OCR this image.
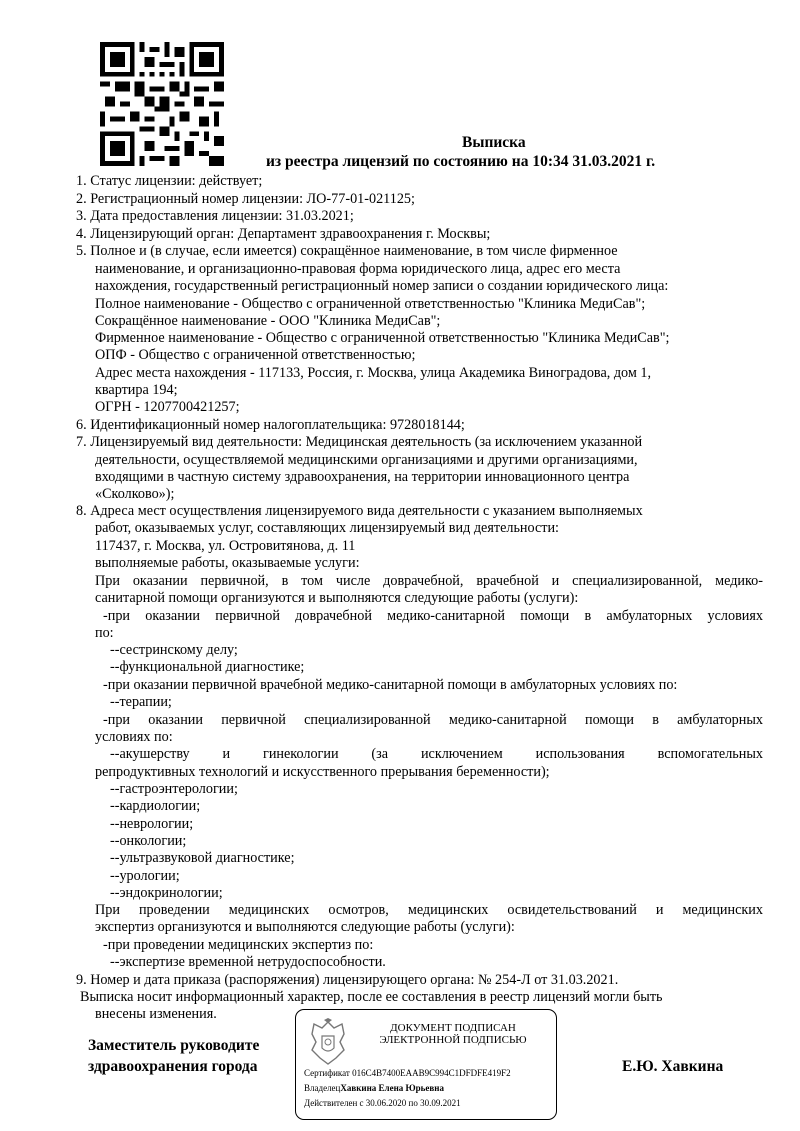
Выписка
из реестра лицензий по состоянию на 10:34 31.03.2021 г.
1. Статус лицензии: действует;
2. Регистрационный номер лицензии: ЛО-77-01-021125;
3. Дата предоставления лицензии: 31.03.2021;
4. Лицензирующий орган: Департамент здравоохранения г. Москвы;
5. Полное и (в случае, если имеется) сокращённое наименование, в том числе фирменное
наименование, и организационно-правовая форма юридического лица, адрес его места
нахождения, государственный регистрационный номер записи о создании юридического лица:
Полное наименование - Общество с ограниченной ответственностью "Клиника МедиСав";
Сокращённое наименование - ООО "Клиника МедиСав";
Фирменное наименование - Общество с ограниченной ответственностью "Клиника МедиСав";
ОПФ - Общество с ограниченной ответственностью;
Адрес места нахождения - 117133, Россия, г. Москва, улица Академика Виноградова, дом 1,
квартира 194;
ОГРН - 1207700421257;
6. Идентификационный номер налогоплательщика: 9728018144;
7. Лицензируемый вид деятельности: Медицинская деятельность (за исключением указанной
деятельности, осуществляемой медицинскими организациями и другими организациями,
входящими в частную систему здравоохранения, на территории инновационного центра
«Сколково»);
8. Адреса мест осуществления лицензируемого вида деятельности с указанием выполняемых
работ, оказываемых услуг, составляющих лицензируемый вид деятельности:
117437, г. Москва, ул. Островитянова, д. 11
выполняемые работы, оказываемые услуги:
При оказании первичной, в том числе доврачебной, врачебной и специализированной, медико-
санитарной помощи организуются и выполняются следующие работы (услуги):
-при оказании первичной доврачебной медико-санитарной помощи в амбулаторных условиях
по:
--сестринскому делу;
--функциональной диагностике;
-при оказании первичной врачебной медико-санитарной помощи в амбулаторных условиях по:
--терапии;
-при оказании первичной специализированной медико-санитарной помощи в амбулаторных
условиях по:
--акушерству и гинекологии (за исключением использования вспомогательных
репродуктивных технологий и искусственного прерывания беременности);
--гастроэнтерологии;
--кардиологии;
--неврологии;
--онкологии;
--ультразвуковой диагностике;
--урологии;
--эндокринологии;
При проведении медицинских осмотров, медицинских освидетельствований и медицинских
экспертиз организуются и выполняются следующие работы (услуги):
-при проведении медицинских экспертиз по:
--экспертизе временной нетрудоспособности.
9. Номер и дата приказа (распоряжения) лицензирующего органа: № 254-Л от 31.03.2021.
Выписка носит информационный характер, после ее составления в реестр лицензий могли быть
внесены изменения.
Заместитель руководите
здравоохранения города	Е.Ю. Хавкина
ДОКУМЕНТ ПОДПИСАН
ЭЛЕКТРОННОЙ ПОДПИСЬЮ
Сертификат 016C4B7400EAAB9C994C1DFDFE419F2
ВладелецХавкина Елена Юрьевна
Действителен с 30.06.2020 по 30.09.2021
